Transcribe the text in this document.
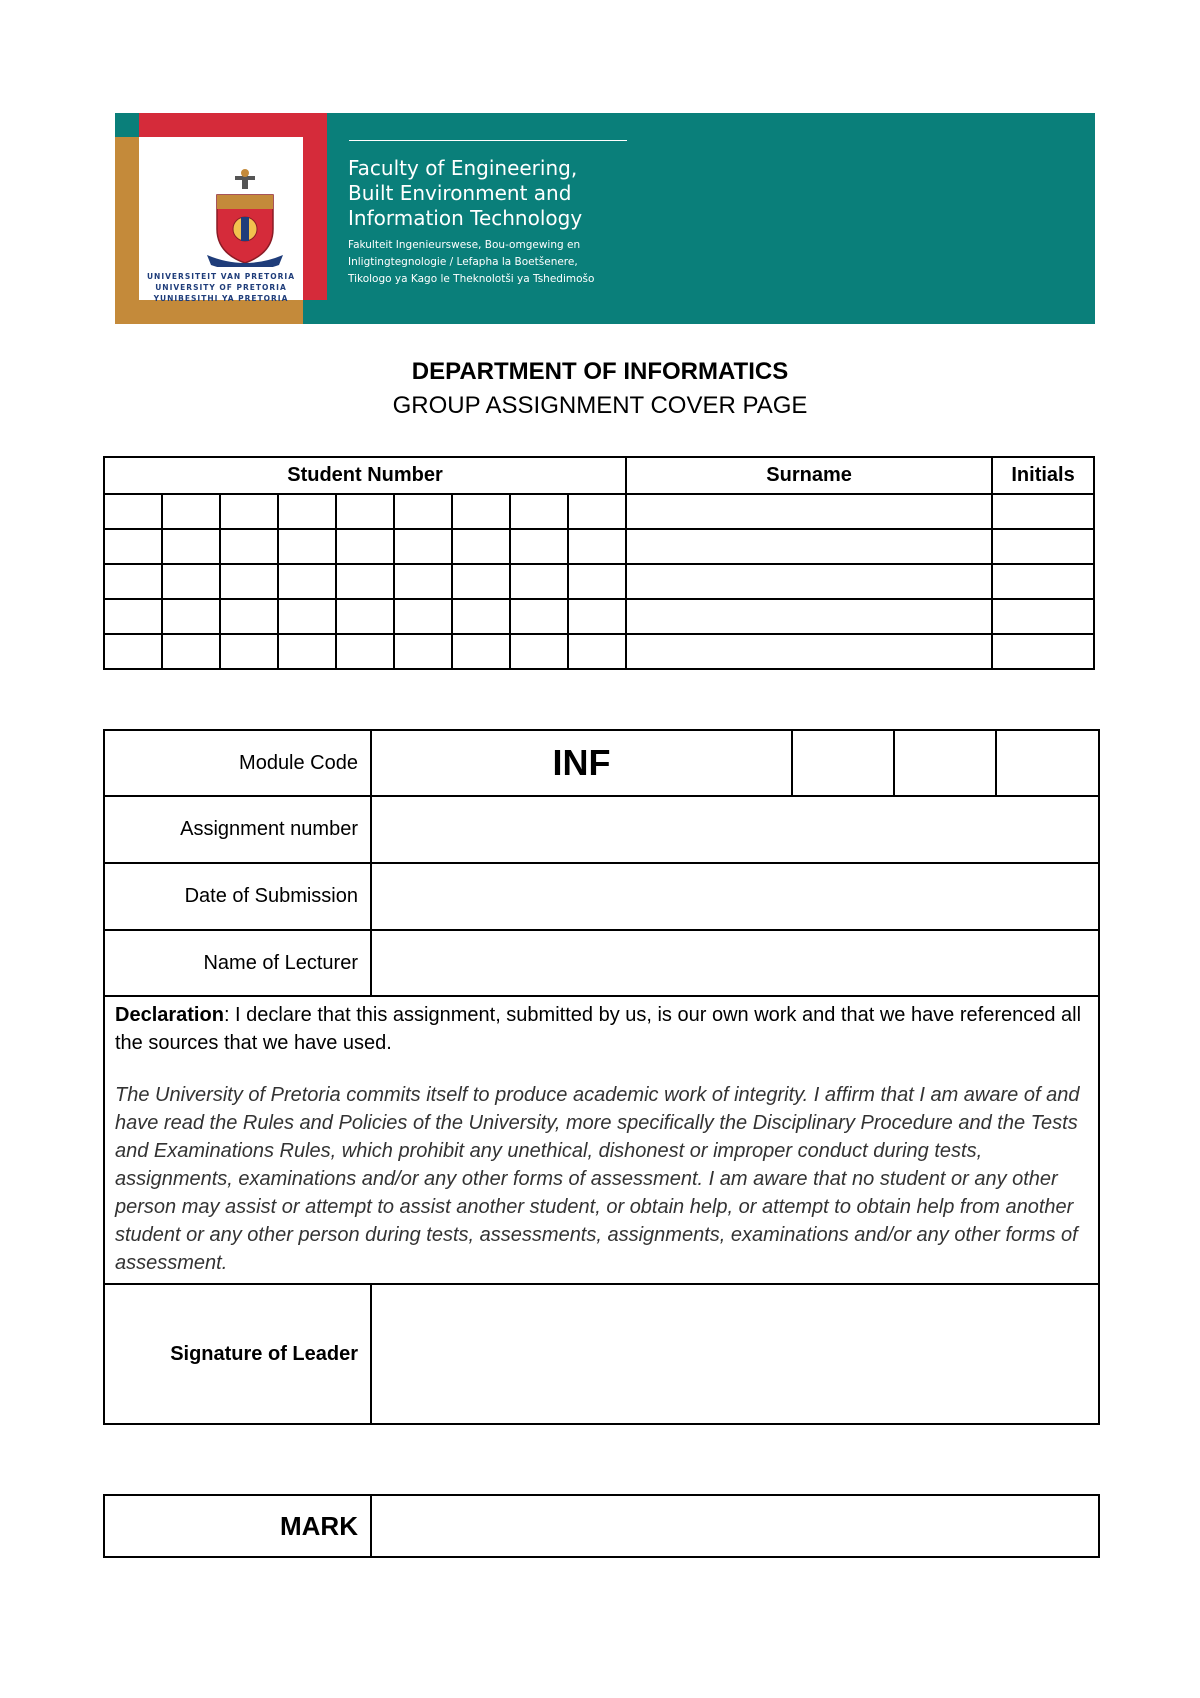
UNIVERSITEIT VAN PRETORIA
UNIVERSITY OF PRETORIA
YUNIBESITHI YA PRETORIA
Faculty of Engineering,
Built Environment and
Information Technology
Fakulteit Ingenieurswese, Bou-omgewing en
Inligtingtegnologie / Lefapha la Boetšenere,
Tikologo ya Kago le Theknolotši ya Tshedimošo
DEPARTMENT OF INFORMATICS
GROUP ASSIGNMENT COVER PAGE
Student Number									Surname	Initials

Module Code	INF			
Assignment number				
Date of Submission				
Name of Lecturer				

Declaration: I declare that this assignment, submitted by us, is our own work and that we have referenced all the sources that we have used.

The University of Pretoria commits itself to produce academic work of integrity. I affirm that I am aware of and have read the Rules and Policies of the University, more specifically the Disciplinary Procedure and the Tests and Examinations Rules, which prohibit any unethical, dishonest or improper conduct during tests, assignments, examinations and/or any other forms of assessment. I am aware that no student or any other person may assist or attempt to assist another student, or obtain help, or attempt to obtain help from another student or any other person during tests, assessments, assignments, examinations and/or any other forms of assessment.				

Signature of Leader				
MARK	
